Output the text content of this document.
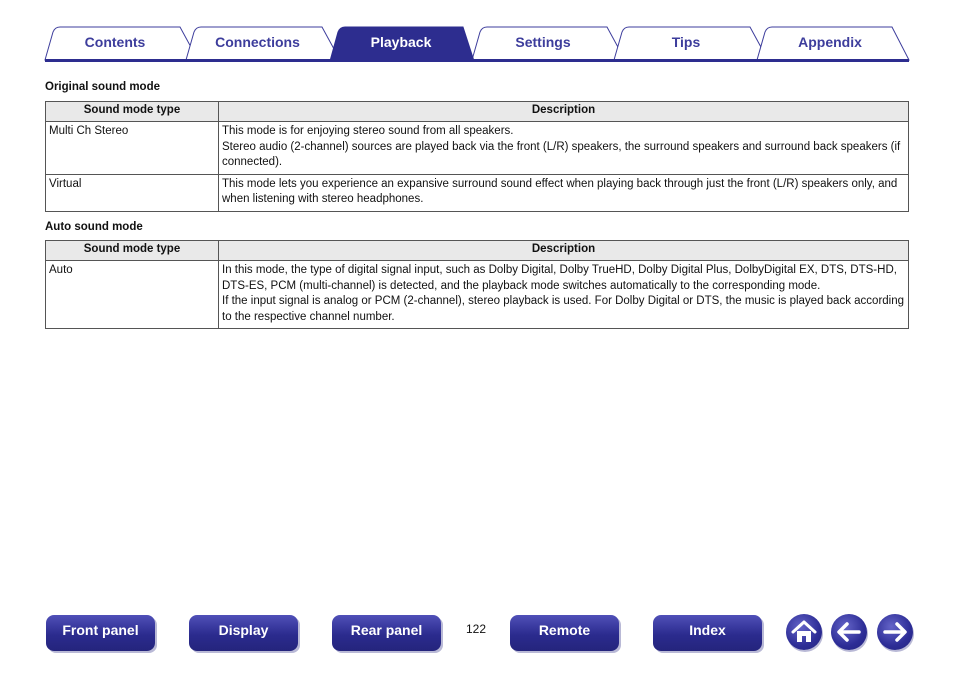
Contents	Connections	Playback	Settings	Tips	Appendix
Original sound mode
Sound mode type	Description
Multi Ch Stereo	This mode is for enjoying stereo sound from all speakers.
Stereo audio (2-channel) sources are played back via the front (L/R) speakers, the surround speakers and surround back speakers (if connected).

Virtual	This mode lets you experience an expansive surround sound effect when playing back through just the front (L/R) speakers only, and when listening with stereo headphones.
Auto sound mode
Sound mode type	Description
Auto	In this mode, the type of digital signal input, such as Dolby Digital, Dolby TrueHD, Dolby Digital Plus, DolbyDigital EX, DTS, DTS-HD, DTS-ES, PCM (multi-channel) is detected, and the playback mode switches automatically to the corresponding mode.
If the input signal is analog or PCM (2-channel), stereo playback is used. For Dolby Digital or DTS, the music is played back according to the respective channel number.
Front panel	Display	Rear panel	122	Remote	Index
